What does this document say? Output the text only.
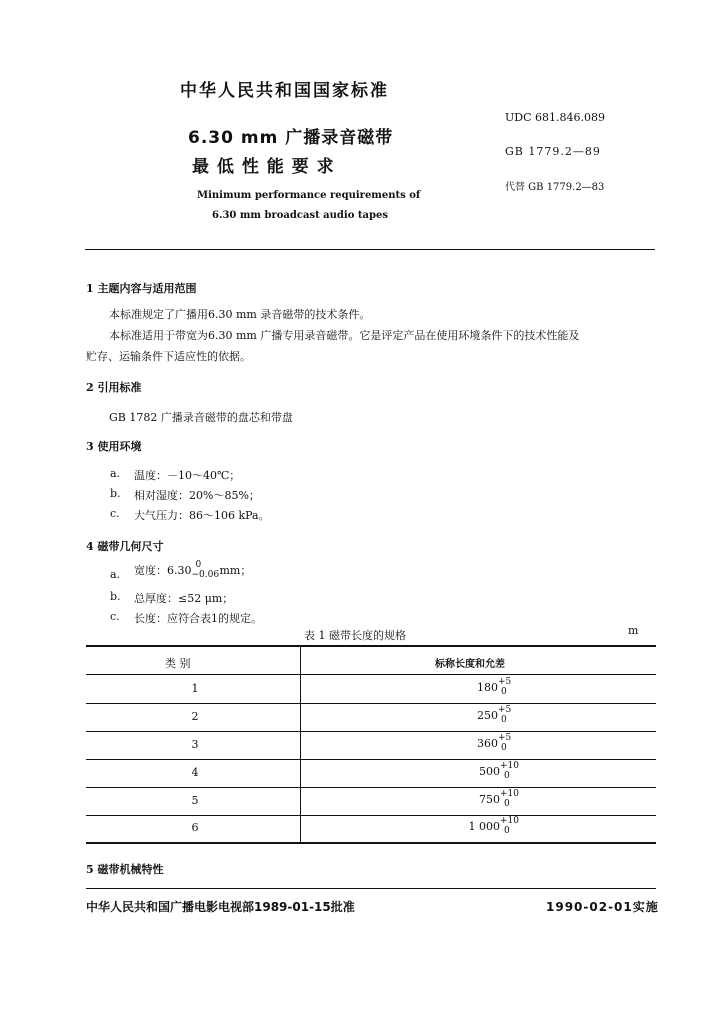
中华人民共和国国家标准
6.30 mm 广播录音磁带
最 低 性 能 要 求
Minimum performance requirements of
6.30 mm broadcast audio tapes
UDC 681.846.089
GB 1779.2—89
代替 GB 1779.2—83
1 主题内容与适用范围
本标准规定了广播用6.30 mm 录音磁带的技术条件。
本标准适用于带宽为6.30 mm 广播专用录音磁带。它是评定产品在使用环境条件下的技术性能及
贮存、运输条件下适应性的依据。
2 引用标准
GB 1782 广播录音磁带的盘芯和带盘
3 使用环境
a. 温度：－10～40℃；
b. 相对湿度：20%～85%；
c. 大气压力：86～106 kPa。
4 磁带几何尺寸
a. 宽度：6.30 0
−0.06 mm；
b. 总厚度：≤52 μm；
c. 长度：应符合表1的规定。
表 1 磁带长度的规格	m
类 别	标称长度和允差
1	180 +5
0
2	250 +5
0
3	360 +5
0
4	500 +10
0
5	750 +10
0
6	1 000 +10
0
5 磁带机械特性
中华人民共和国广播电影电视部1989-01-15批准	1990-02-01实施
